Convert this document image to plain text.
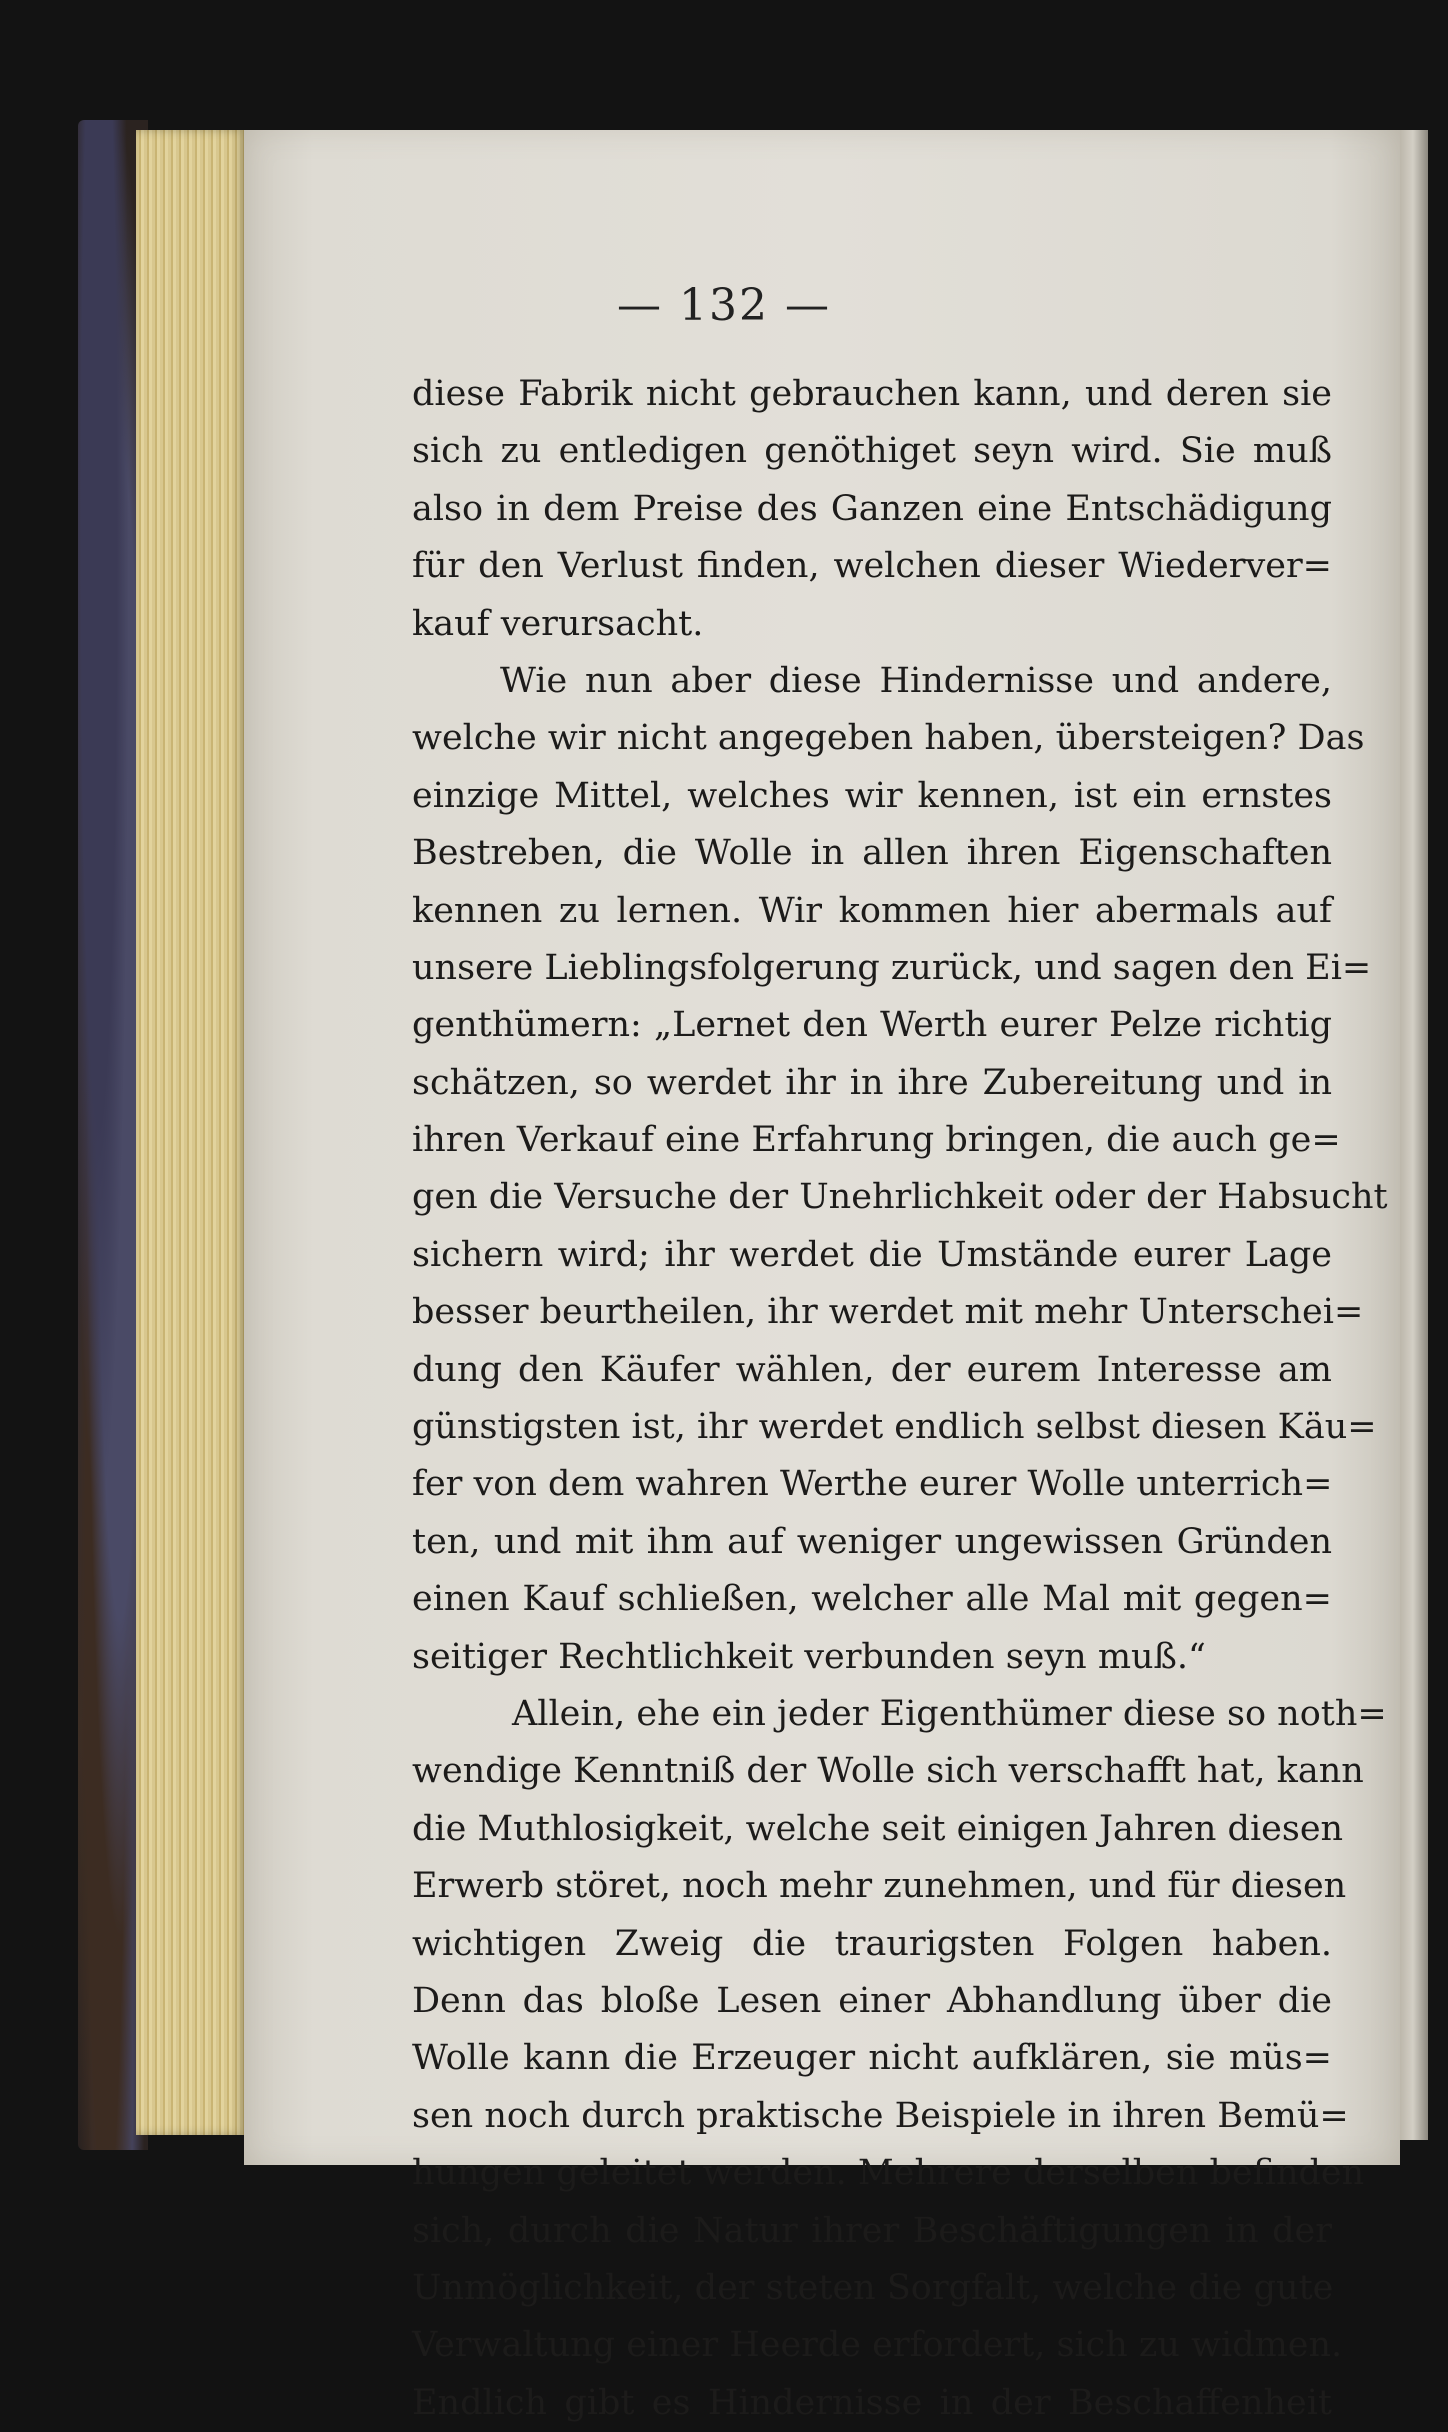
— 132 —
diese Fabrik nicht gebrauchen kann, und deren sie
sich zu entledigen genöthiget seyn wird. Sie muß
also in dem Preise des Ganzen eine Entschädigung
für den Verlust finden, welchen dieser Wiederver=
kauf verursacht.
Wie nun aber diese Hindernisse und andere,
welche wir nicht angegeben haben, übersteigen? Das
einzige Mittel, welches wir kennen, ist ein ernstes
Bestreben, die Wolle in allen ihren Eigenschaften
kennen zu lernen. Wir kommen hier abermals auf
unsere Lieblingsfolgerung zurück, und sagen den Ei=
genthümern: „Lernet den Werth eurer Pelze richtig
schätzen, so werdet ihr in ihre Zubereitung und in
ihren Verkauf eine Erfahrung bringen, die auch ge=
gen die Versuche der Unehrlichkeit oder der Habsucht
sichern wird; ihr werdet die Umstände eurer Lage
besser beurtheilen, ihr werdet mit mehr Unterschei=
dung den Käufer wählen, der eurem Interesse am
günstigsten ist, ihr werdet endlich selbst diesen Käu=
fer von dem wahren Werthe eurer Wolle unterrich=
ten, und mit ihm auf weniger ungewissen Gründen
einen Kauf schließen, welcher alle Mal mit gegen=
seitiger Rechtlichkeit verbunden seyn muß.“
Allein, ehe ein jeder Eigenthümer diese so noth=
wendige Kenntniß der Wolle sich verschafft hat, kann
die Muthlosigkeit, welche seit einigen Jahren diesen
Erwerb störet, noch mehr zunehmen, und für diesen
wichtigen Zweig die traurigsten Folgen haben.
Denn das bloße Lesen einer Abhandlung über die
Wolle kann die Erzeuger nicht aufklären, sie müs=
sen noch durch praktische Beispiele in ihren Bemü=
hungen geleitet werden. Mehrere derselben befinden
sich, durch die Natur ihrer Beschäftigungen in der
Unmöglichkeit, der steten Sorgfalt, welche die gute
Verwaltung einer Heerde erfordert, sich zu widmen.
Endlich gibt es Hindernisse in der Beschaffenheit
